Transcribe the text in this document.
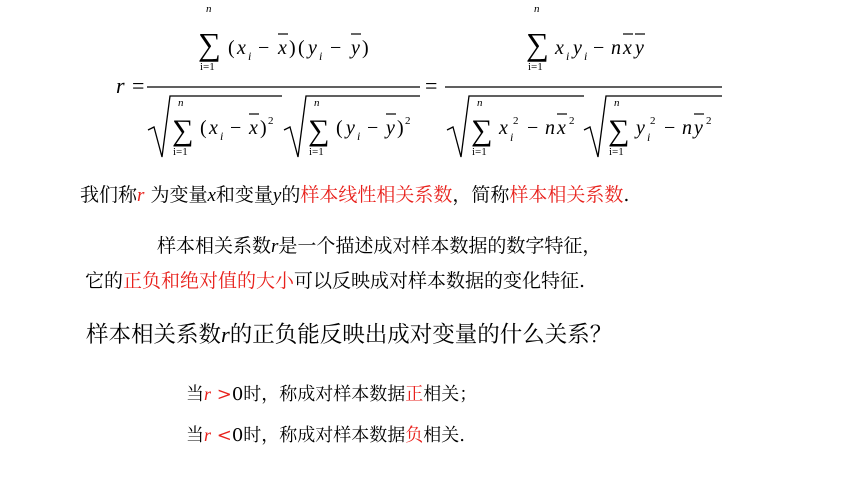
r =
n
∑
i=1
( x i − x ) ( y i − y )
n
∑
i=1
( x i − x ) 2
n
∑
i=1
( y i − y ) 2
=
n
∑
i=1
x i y i − n x y
n
∑
i=1
x i
2 − n x 2
n
∑
i=1
y i
2 − n y 2
我们称r 为变量x和变量y的样本线性相关系数，简称样本相关系数.
样本相关系数r是一个描述成对样本数据的数字特征，
它的正负和绝对值的大小可以反映成对样本数据的变化特征.
样本相关系数r的正负能反映出成对变量的什么关系？
当r >0时，称成对样本数据正相关；
当r <0时，称成对样本数据负相关.
